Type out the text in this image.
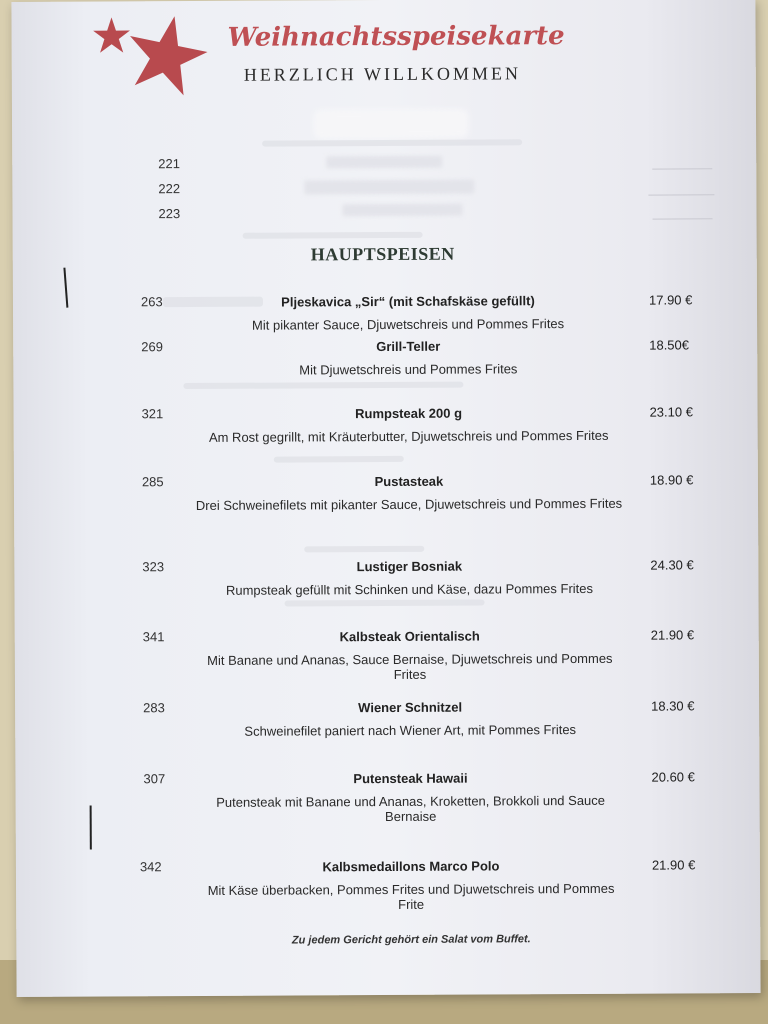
Weihnachtsspeisekarte
HERZLICH WILLKOMMEN
221
222
223
HAUPTSPEISEN
263	Pljeskavica „Sir“ (mit Schafskäse gefüllt)
Mit pikanter Sauce, Djuwetschreis und Pommes Frites
17.90 €
269	Grill-Teller
Mit Djuwetschreis und Pommes Frites
18.50€
321	Rumpsteak 200 g
Am Rost gegrillt, mit Kräuterbutter, Djuwetschreis und Pommes Frites
23.10 €
285	Pustasteak
Drei Schweinefilets mit pikanter Sauce, Djuwetschreis und Pommes Frites
18.90 €
323	Lustiger Bosniak
Rumpsteak gefüllt mit Schinken und Käse, dazu Pommes Frites
24.30 €
341	Kalbsteak Orientalisch
Mit Banane und Ananas, Sauce Bernaise, Djuwetschreis und Pommes Frites
21.90 €
283	Wiener Schnitzel
Schweinefilet paniert nach Wiener Art, mit Pommes Frites
18.30 €
307	Putensteak Hawaii
Putensteak mit Banane und Ananas, Kroketten, Brokkoli und Sauce Bernaise
20.60 €
342	Kalbsmedaillons Marco Polo
Mit Käse überbacken, Pommes Frites und Djuwetschreis und Pommes Frite
21.90 €
Zu jedem Gericht gehört ein Salat vom Buffet.
